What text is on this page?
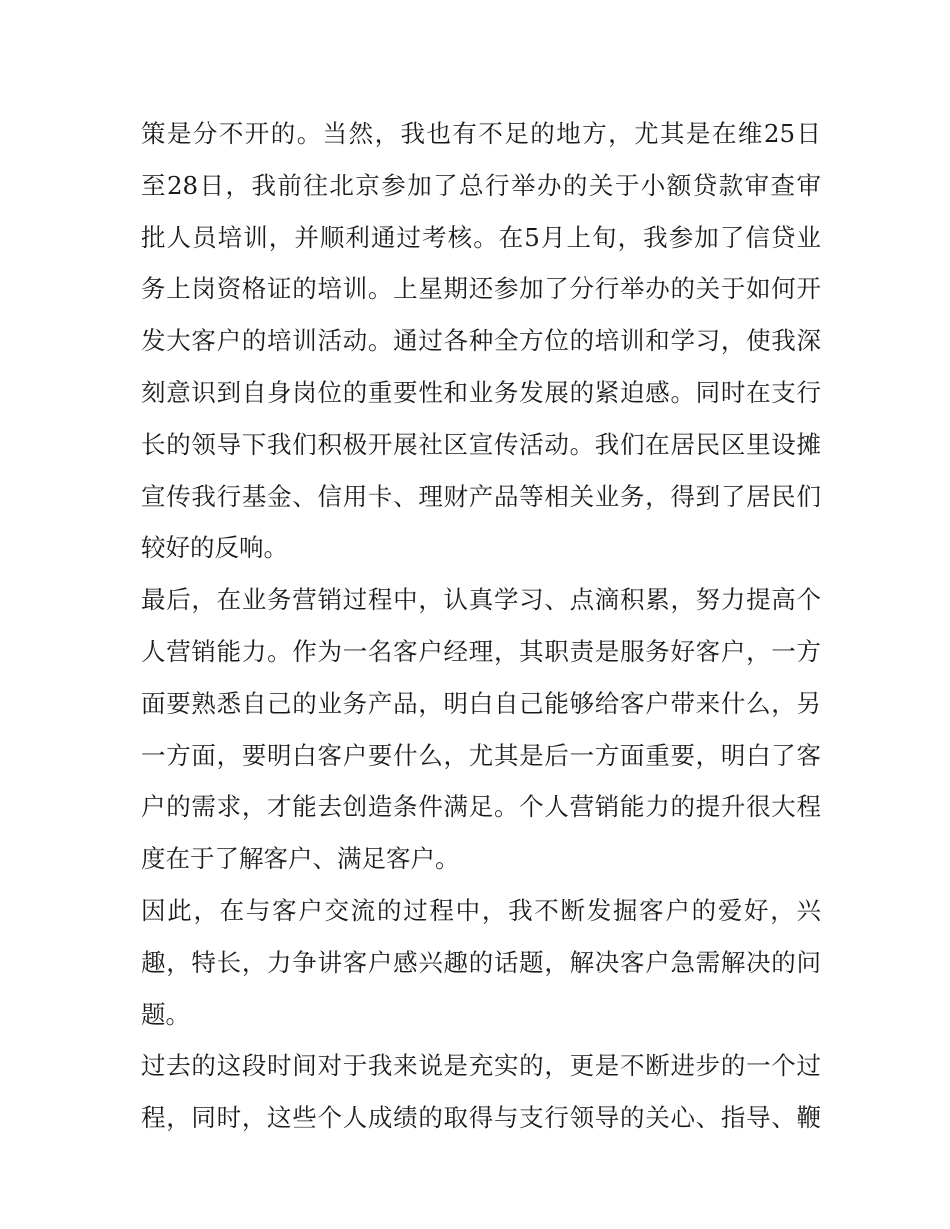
策是分不开的。当然，我也有不足的地方，尤其是在维25日
至28日，我前往北京参加了总行举办的关于小额贷款审查审
批人员培训，并顺利通过考核。在5月上旬，我参加了信贷业
务上岗资格证的培训。上星期还参加了分行举办的关于如何开
发大客户的培训活动。通过各种全方位的培训和学习，使我深
刻意识到自身岗位的重要性和业务发展的紧迫感。同时在支行
长的领导下我们积极开展社区宣传活动。我们在居民区里设摊
宣传我行基金、信用卡、理财产品等相关业务，得到了居民们
较好的反响。
最后，在业务营销过程中，认真学习、点滴积累，努力提高个
人营销能力。作为一名客户经理，其职责是服务好客户，一方
面要熟悉自己的业务产品，明白自己能够给客户带来什么，另
一方面，要明白客户要什么，尤其是后一方面重要，明白了客
户的需求，才能去创造条件满足。个人营销能力的提升很大程
度在于了解客户、满足客户。
因此，在与客户交流的过程中，我不断发掘客户的爱好，兴
趣，特长，力争讲客户感兴趣的话题，解决客户急需解决的问
题。
过去的这段时间对于我来说是充实的，更是不断进步的一个过
程，同时，这些个人成绩的取得与支行领导的关心、指导、鞭
